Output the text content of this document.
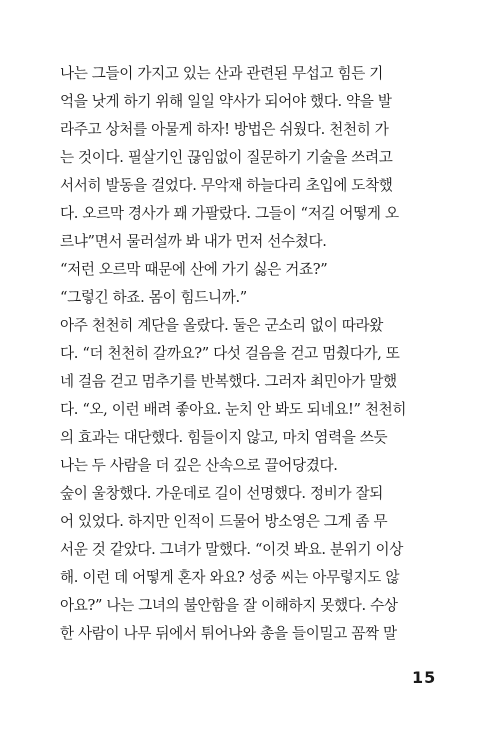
나는 그들이 가지고 있는 산과 관련된 무섭고 힘든 기
억을 낫게 하기 위해 일일 약사가 되어야 했다. 약을 발
라주고 상처를 아물게 하자! 방법은 쉬웠다. 천천히 가
는 것이다. 필살기인 끊임없이 질문하기 기술을 쓰려고
서서히 발동을 걸었다. 무악재 하늘다리 초입에 도착했
다. 오르막 경사가 꽤 가팔랐다. 그들이 “저길 어떻게 오
르냐”면서 물러설까 봐 내가 먼저 선수쳤다.
“저런 오르막 때문에 산에 가기 싫은 거죠?”
“그렇긴 하죠. 몸이 힘드니까.”
아주 천천히 계단을 올랐다. 둘은 군소리 없이 따라왔
다. “더 천천히 갈까요?” 다섯 걸음을 걷고 멈췄다가, 또
네 걸음 걷고 멈추기를 반복했다. 그러자 최민아가 말했
다. “오, 이런 배려 좋아요. 눈치 안 봐도 되네요!” 천천히
의 효과는 대단했다. 힘들이지 않고, 마치 염력을 쓰듯
나는 두 사람을 더 깊은 산속으로 끌어당겼다.
숲이 울창했다. 가운데로 길이 선명했다. 정비가 잘되
어 있었다. 하지만 인적이 드물어 방소영은 그게 좀 무
서운 것 같았다. 그녀가 말했다. “이것 봐요. 분위기 이상
해. 이런 데 어떻게 혼자 와요? 성중 씨는 아무렇지도 않
아요?” 나는 그녀의 불안함을 잘 이해하지 못했다. 수상
한 사람이 나무 뒤에서 튀어나와 총을 들이밀고 꼼짝 말
15
